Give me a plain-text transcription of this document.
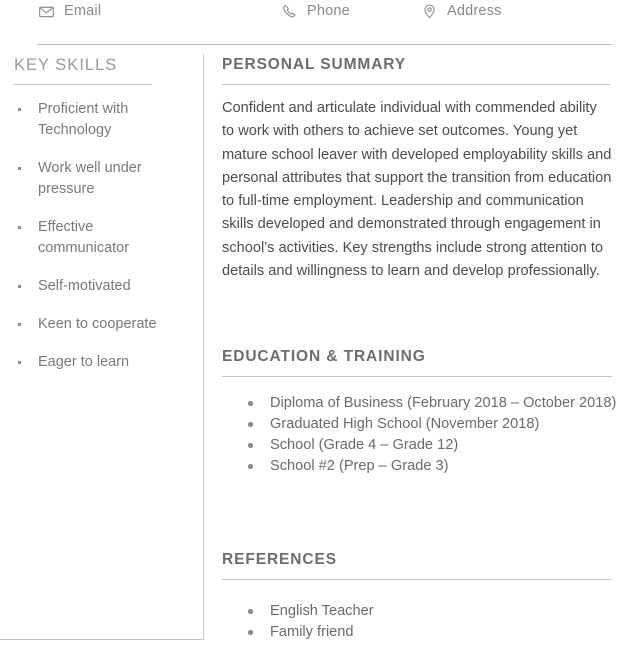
Email	Phone	Address
KEY SKILLS
Proficient with Technology
Work well under pressure
Effective communicator
Self-motivated
Keen to cooperate
Eager to learn
PERSONAL SUMMARY

Confident and articulate individual with commended ability to work with others to achieve set outcomes. Young yet mature school leaver with developed employability skills and personal attributes that support the transition from education to full-time employment. Leadership and communication skills developed and demonstrated through engagement in school’s activities. Key strengths include strong attention to details and willingness to learn and develop professionally.

EDUCATION & TRAINING
Diploma of Business (February 2018 – October 2018)
Graduated High School (November 2018)
School (Grade 4 – Grade 12)
School #2 (Prep – Grade 3)
REFERENCES
English Teacher
Family friend
